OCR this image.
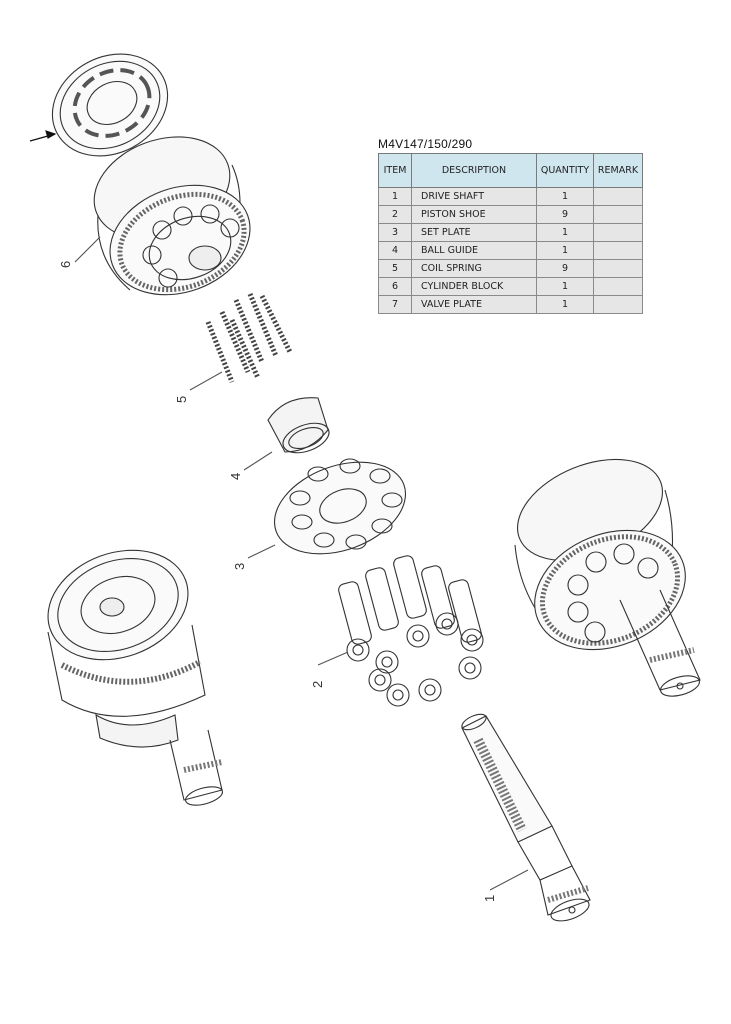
6
5
4
3
2
1
M4V147/150/290
ITEM	DESCRIPTION	QUANTITY	REMARK
1	DRIVE SHAFT	1	
2	PISTON SHOE	9	
3	SET PLATE	1	
4	BALL GUIDE	1	
5	COIL SPRING	9	
6	CYLINDER BLOCK	1	
7	VALVE PLATE	1	
